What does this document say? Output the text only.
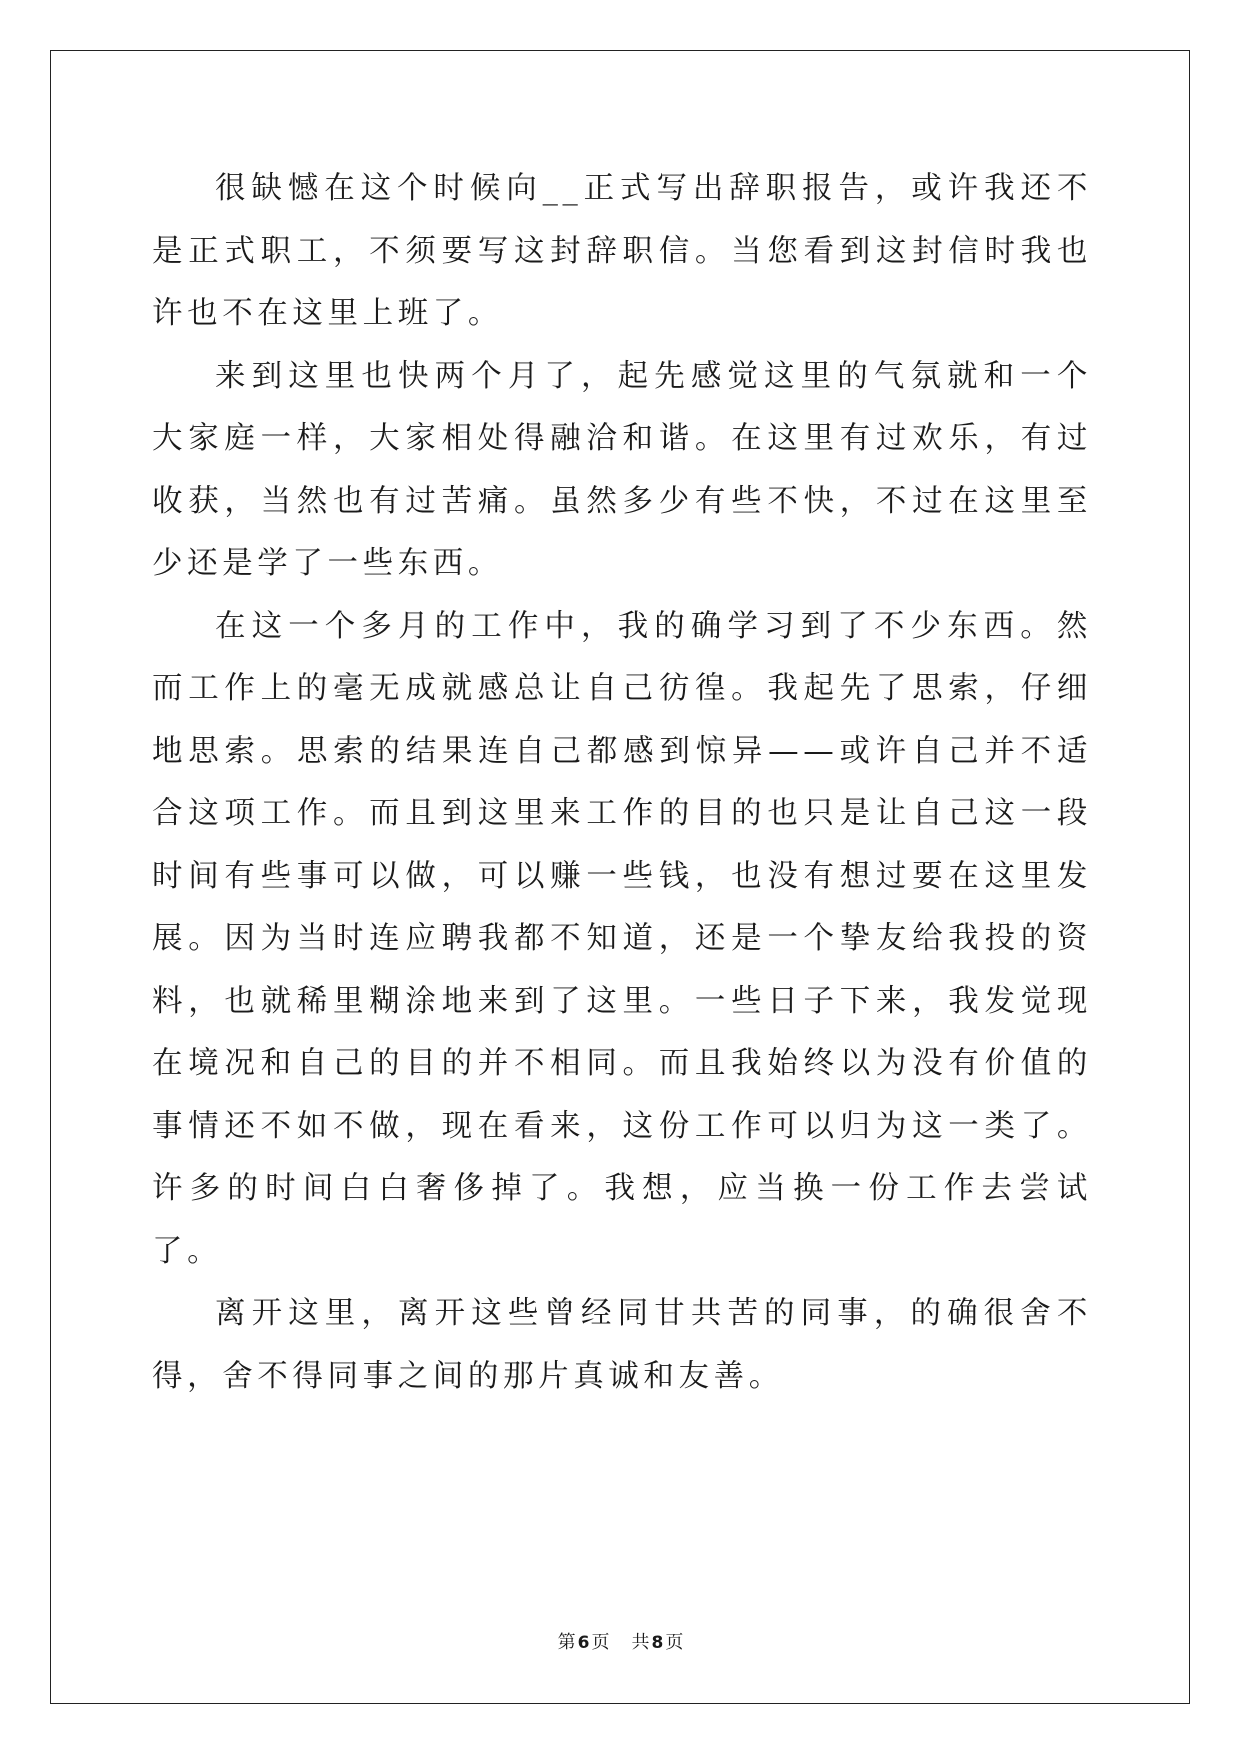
很缺憾在这个时候向__正式写出辞职报告，或许我还不是正式职工，不须要写这封辞职信。当您看到这封信时我也许也不在这里上班了。

来到这里也快两个月了，起先感觉这里的气氛就和一个大家庭一样，大家相处得融洽和谐。在这里有过欢乐，有过收获，当然也有过苦痛。虽然多少有些不快，不过在这里至少还是学了一些东西。

在这一个多月的工作中，我的确学习到了不少东西。然而工作上的毫无成就感总让自己彷徨。我起先了思索，仔细地思索。思索的结果连自己都感到惊异——或许自己并不适合这项工作。而且到这里来工作的目的也只是让自己这一段时间有些事可以做，可以赚一些钱，也没有想过要在这里发展。因为当时连应聘我都不知道，还是一个挚友给我投的资料，也就稀里糊涂地来到了这里。一些日子下来，我发觉现在境况和自己的目的并不相同。而且我始终以为没有价值的事情还不如不做，现在看来，这份工作可以归为这一类了。许多的时间白白奢侈掉了。我想，应当换一份工作去尝试了。

离开这里，离开这些曾经同甘共苦的同事，的确很舍不得，舍不得同事之间的那片真诚和友善。

第 6 页 共 8 页
